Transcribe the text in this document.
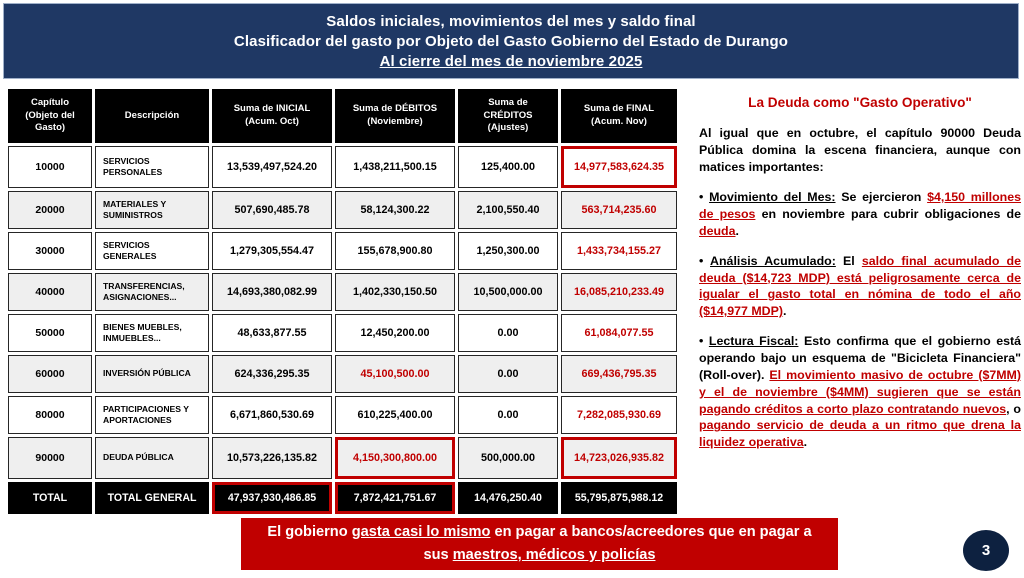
Saldos iniciales, movimientos del mes y saldo final
Clasificador del gasto por Objeto del Gasto Gobierno del Estado de Durango
Al cierre del mes de noviembre 2025
Capítulo (Objeto del Gasto)	Descripción	Suma de INICIAL (Acum. Oct)	Suma de DÉBITOS (Noviembre)	Suma de CRÉDITOS (Ajustes)	Suma de FINAL (Acum. Nov)
10000	SERVICIOS PERSONALES	13,539,497,524.20	1,438,211,500.15	125,400.00	14,977,583,624.35
20000	MATERIALES Y SUMINISTROS	507,690,485.78	58,124,300.22	2,100,550.40	563,714,235.60
30000	SERVICIOS GENERALES	1,279,305,554.47	155,678,900.80	1,250,300.00	1,433,734,155.27
40000	TRANSFERENCIAS, ASIGNACIONES...	14,693,380,082.99	1,402,330,150.50	10,500,000.00	16,085,210,233.49
50000	BIENES MUEBLES, INMUEBLES...	48,633,877.55	12,450,200.00	0.00	61,084,077.55
60000	INVERSIÓN PÚBLICA	624,336,295.35	45,100,500.00	0.00	669,436,795.35
80000	PARTICIPACIONES Y APORTACIONES	6,671,860,530.69	610,225,400.00	0.00	7,282,085,930.69
90000	DEUDA PÚBLICA	10,573,226,135.82	4,150,300,800.00	500,000.00	14,723,026,935.82
TOTAL	TOTAL GENERAL	47,937,930,486.85	7,872,421,751.67	14,476,250.40	55,795,875,988.12

La Deuda como "Gasto Operativo"

Al igual que en octubre, el capítulo 90000 Deuda Pública domina la escena financiera, aunque con matices importantes:

• Movimiento del Mes: Se ejercieron $4,150 millones de pesos en noviembre para cubrir obligaciones de deuda.

• Análisis Acumulado: El saldo final acumulado de deuda ($14,723 MDP) está peligrosamente cerca de igualar el gasto total en nómina de todo el año ($14,977 MDP).

• Lectura Fiscal: Esto confirma que el gobierno está operando bajo un esquema de "Bicicleta Financiera" (Roll-over). El movimiento masivo de octubre ($7MM) y el de noviembre ($4MM) sugieren que se están pagando créditos a corto plazo contratando nuevos, o pagando servicio de deuda a un ritmo que drena la liquidez operativa.

El gobierno gasta casi lo mismo en pagar a bancos/acreedores que en pagar a sus maestros, médicos y policías	3
